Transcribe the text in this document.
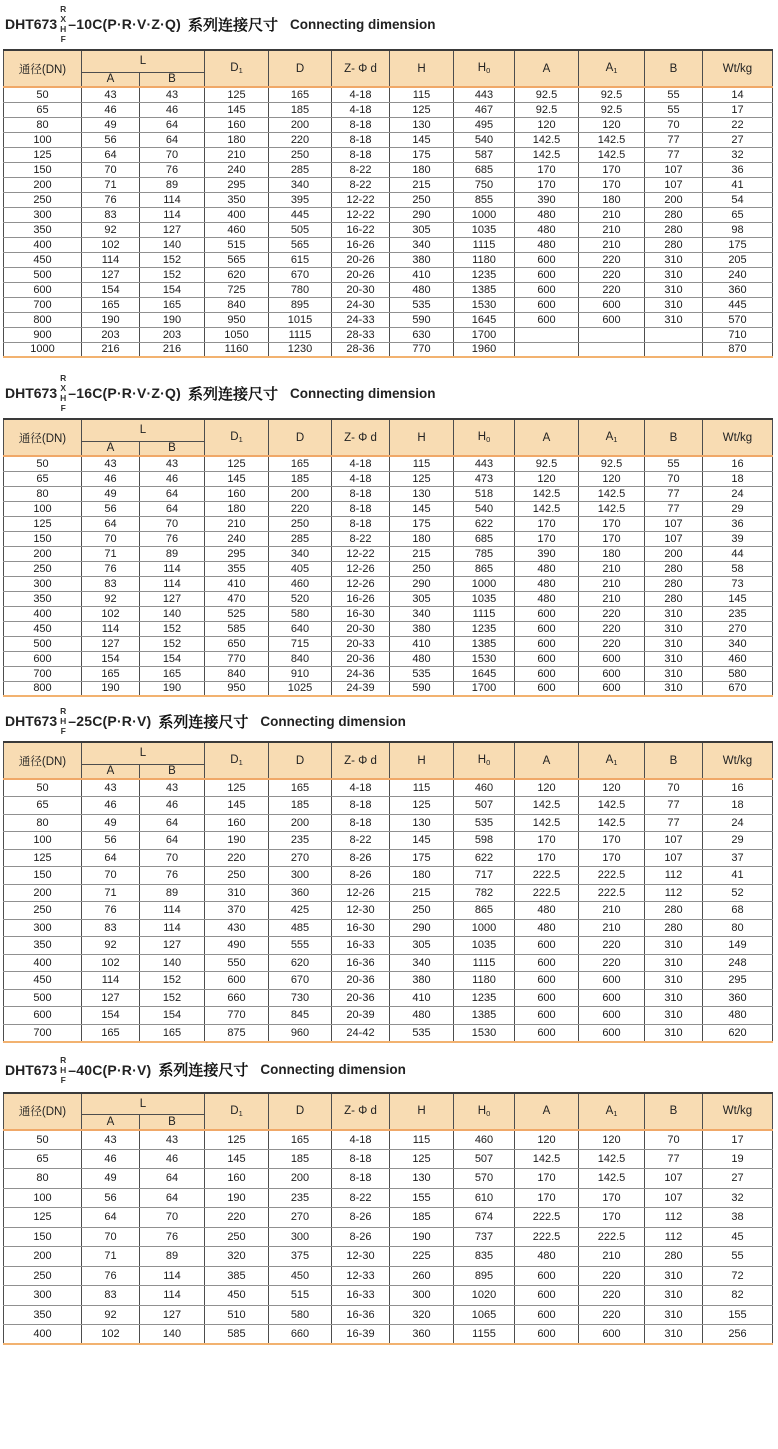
DHT673
R
X
H
F
–10C(P·R·V·Z·Q) 系列连接尺寸 Connecting dimension
通径(DN)	L		$D_1$	D	Z- Φ d	H	$H_0$	A	$A_1$	B	Wt/kg
	A	B									
50	43	43	125	165	4-18	115	443	92.5	92.5	55	14
65	46	46	145	185	4-18	125	467	92.5	92.5	55	17
80	49	64	160	200	8-18	130	495	120	120	70	22
100	56	64	180	220	8-18	145	540	142.5	142.5	77	27
125	64	70	210	250	8-18	175	587	142.5	142.5	77	32
150	70	76	240	285	8-22	180	685	170	170	107	36
200	71	89	295	340	8-22	215	750	170	170	107	41
250	76	114	350	395	12-22	250	855	390	180	200	54
300	83	114	400	445	12-22	290	1000	480	210	280	65
350	92	127	460	505	16-22	305	1035	480	210	280	98
400	102	140	515	565	16-26	340	1115	480	210	280	175
450	114	152	565	615	20-26	380	1180	600	220	310	205
500	127	152	620	670	20-26	410	1235	600	220	310	240
600	154	154	725	780	20-30	480	1385	600	220	310	360
700	165	165	840	895	24-30	535	1530	600	600	310	445
800	190	190	950	1015	24-33	590	1645	600	600	310	570
900	203	203	1050	1115	28-33	630	1700				710
1000	216	216	1160	1230	28-36	770	1960				870
DHT673
R
X
H
F
–16C(P·R·V·Z·Q) 系列连接尺寸 Connecting dimension
通径(DN)	L		$D_1$	D	Z- Φ d	H	$H_0$	A	$A_1$	B	Wt/kg
	A	B									
50	43	43	125	165	4-18	115	443	92.5	92.5	55	16
65	46	46	145	185	4-18	125	473	120	120	70	18
80	49	64	160	200	8-18	130	518	142.5	142.5	77	24
100	56	64	180	220	8-18	145	540	142.5	142.5	77	29
125	64	70	210	250	8-18	175	622	170	170	107	36
150	70	76	240	285	8-22	180	685	170	170	107	39
200	71	89	295	340	12-22	215	785	390	180	200	44
250	76	114	355	405	12-26	250	865	480	210	280	58
300	83	114	410	460	12-26	290	1000	480	210	280	73
350	92	127	470	520	16-26	305	1035	480	210	280	145
400	102	140	525	580	16-30	340	1115	600	220	310	235
450	114	152	585	640	20-30	380	1235	600	220	310	270
500	127	152	650	715	20-33	410	1385	600	220	310	340
600	154	154	770	840	20-36	480	1530	600	600	310	460
700	165	165	840	910	24-36	535	1645	600	600	310	580
800	190	190	950	1025	24-39	590	1700	600	600	310	670
DHT673
R
H
F
–25C(P·R·V) 系列连接尺寸 Connecting dimension
通径(DN)	L		$D_1$	D	Z- Φ d	H	$H_0$	A	$A_1$	B	Wt/kg
	A	B									
50	43	43	125	165	4-18	115	460	120	120	70	16
65	46	46	145	185	8-18	125	507	142.5	142.5	77	18
80	49	64	160	200	8-18	130	535	142.5	142.5	77	24
100	56	64	190	235	8-22	145	598	170	170	107	29
125	64	70	220	270	8-26	175	622	170	170	107	37
150	70	76	250	300	8-26	180	717	222.5	222.5	112	41
200	71	89	310	360	12-26	215	782	222.5	222.5	112	52
250	76	114	370	425	12-30	250	865	480	210	280	68
300	83	114	430	485	16-30	290	1000	480	210	280	80
350	92	127	490	555	16-33	305	1035	600	220	310	149
400	102	140	550	620	16-36	340	1115	600	220	310	248
450	114	152	600	670	20-36	380	1180	600	600	310	295
500	127	152	660	730	20-36	410	1235	600	600	310	360
600	154	154	770	845	20-39	480	1385	600	600	310	480
700	165	165	875	960	24-42	535	1530	600	600	310	620
DHT673
R
H
F
–40C(P·R·V) 系列连接尺寸 Connecting dimension
通径(DN)	L		$D_1$	D	Z- Φ d	H	$H_0$	A	$A_1$	B	Wt/kg
	A	B									
50	43	43	125	165	4-18	115	460	120	120	70	17
65	46	46	145	185	8-18	125	507	142.5	142.5	77	19
80	49	64	160	200	8-18	130	570	170	142.5	107	27
100	56	64	190	235	8-22	155	610	170	170	107	32
125	64	70	220	270	8-26	185	674	222.5	170	112	38
150	70	76	250	300	8-26	190	737	222.5	222.5	112	45
200	71	89	320	375	12-30	225	835	480	210	280	55
250	76	114	385	450	12-33	260	895	600	220	310	72
300	83	114	450	515	16-33	300	1020	600	220	310	82
350	92	127	510	580	16-36	320	1065	600	220	310	155
400	102	140	585	660	16-39	360	1155	600	600	310	256
